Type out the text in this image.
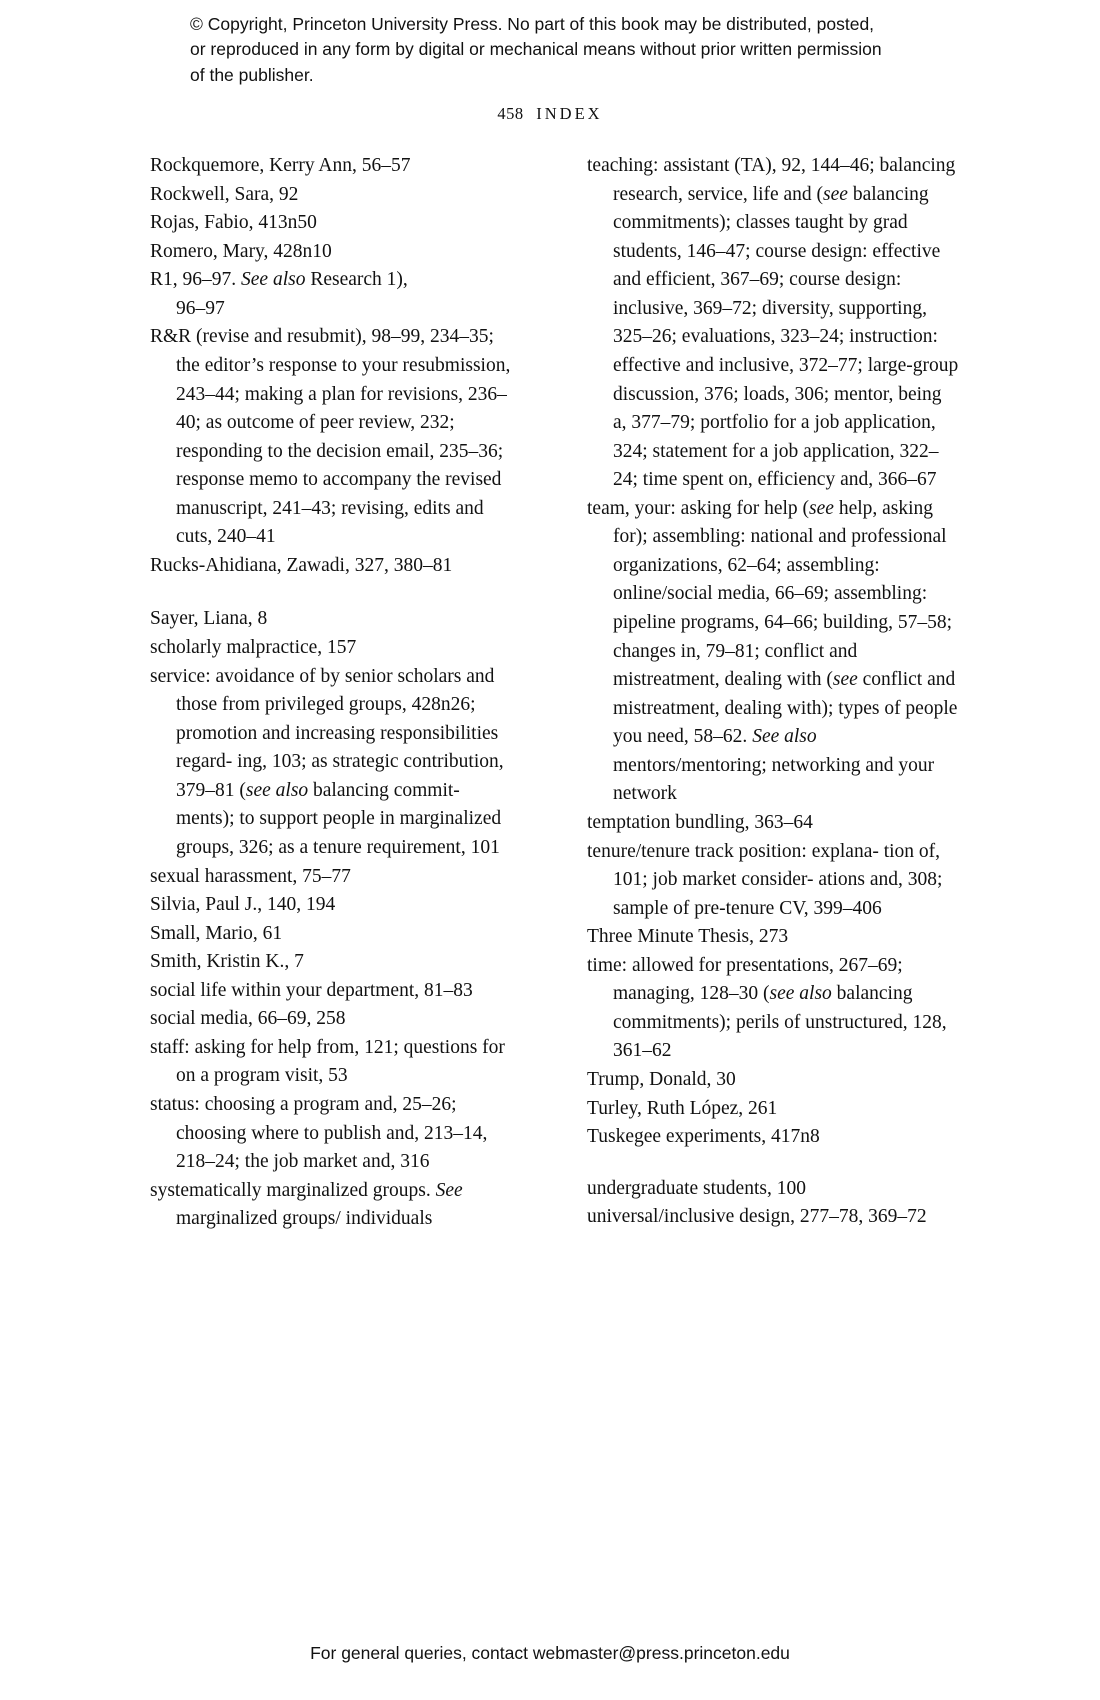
© Copyright, Princeton University Press. No part of this book may be distributed, posted, or reproduced in any form by digital or mechanical means without prior written permission of the publisher.
458 INDEX

Rockquemore, Kerry Ann, 56–57

Rockwell, Sara, 92

Rojas, Fabio, 413n50

Romero, Mary, 428n10

R1, 96–97. See also Research 1),
96–97

R&R (revise and resubmit), 98–99, 234–35; the editor’s response to your resubmission, 243–44; making a plan for revisions, 236–40; as outcome of peer review, 232; responding to the decision email, 235–36; response memo to accompany the revised manuscript, 241–43; revising, edits and cuts, 240–41

Rucks-Ahidiana, Zawadi, 327, 380–81

Sayer, Liana, 8

scholarly malpractice, 157

service: avoidance of by senior scholars and those from privileged groups, 428n26; promotion and increasing responsibilities regard- ing, 103; as strategic contribution, 379–81 (see also balancing commit- ments); to support people in marginalized groups, 326; as a tenure requirement, 101

sexual harassment, 75–77

Silvia, Paul J., 140, 194

Small, Mario, 61

Smith, Kristin K., 7

social life within your department, 81–83

social media, 66–69, 258

staff: asking for help from, 121; questions for on a program visit, 53

status: choosing a program and, 25–26; choosing where to publish and, 213–14, 218–24; the job market and, 316

systematically marginalized groups. See marginalized groups/ individuals

teaching: assistant (TA), 92, 144–46; balancing research, service, life and (see balancing commitments); classes taught by grad students, 146–47; course design: effective and efficient, 367–69; course design: inclusive, 369–72; diversity, supporting, 325–26; evaluations, 323–24; instruction: effective and inclusive, 372–77; large-group discussion, 376; loads, 306; mentor, being a, 377–79; portfolio for a job application, 324; statement for a job application, 322–24; time spent on, efficiency and, 366–67

team, your: asking for help (see help, asking for); assembling: national and professional organizations, 62–64; assembling: online/social media, 66–69; assembling: pipeline programs, 64–66; building, 57–58; changes in, 79–81; conflict and mistreatment, dealing with (see conflict and mistreatment, dealing with); types of people you need, 58–62. See also mentors/mentoring; networking and your network

temptation bundling, 363–64

tenure/tenure track position: explana- tion of, 101; job market consider- ations and, 308; sample of pre-tenure CV, 399–406

Three Minute Thesis, 273

time: allowed for presentations, 267–69; managing, 128–30 (see also balancing commitments); perils of unstructured, 128, 361–62

Trump, Donald, 30

Turley, Ruth López, 261

Tuskegee experiments, 417n8

undergraduate students, 100

universal/inclusive design, 277–78, 369–72

For general queries, contact webmaster@press.princeton.edu
